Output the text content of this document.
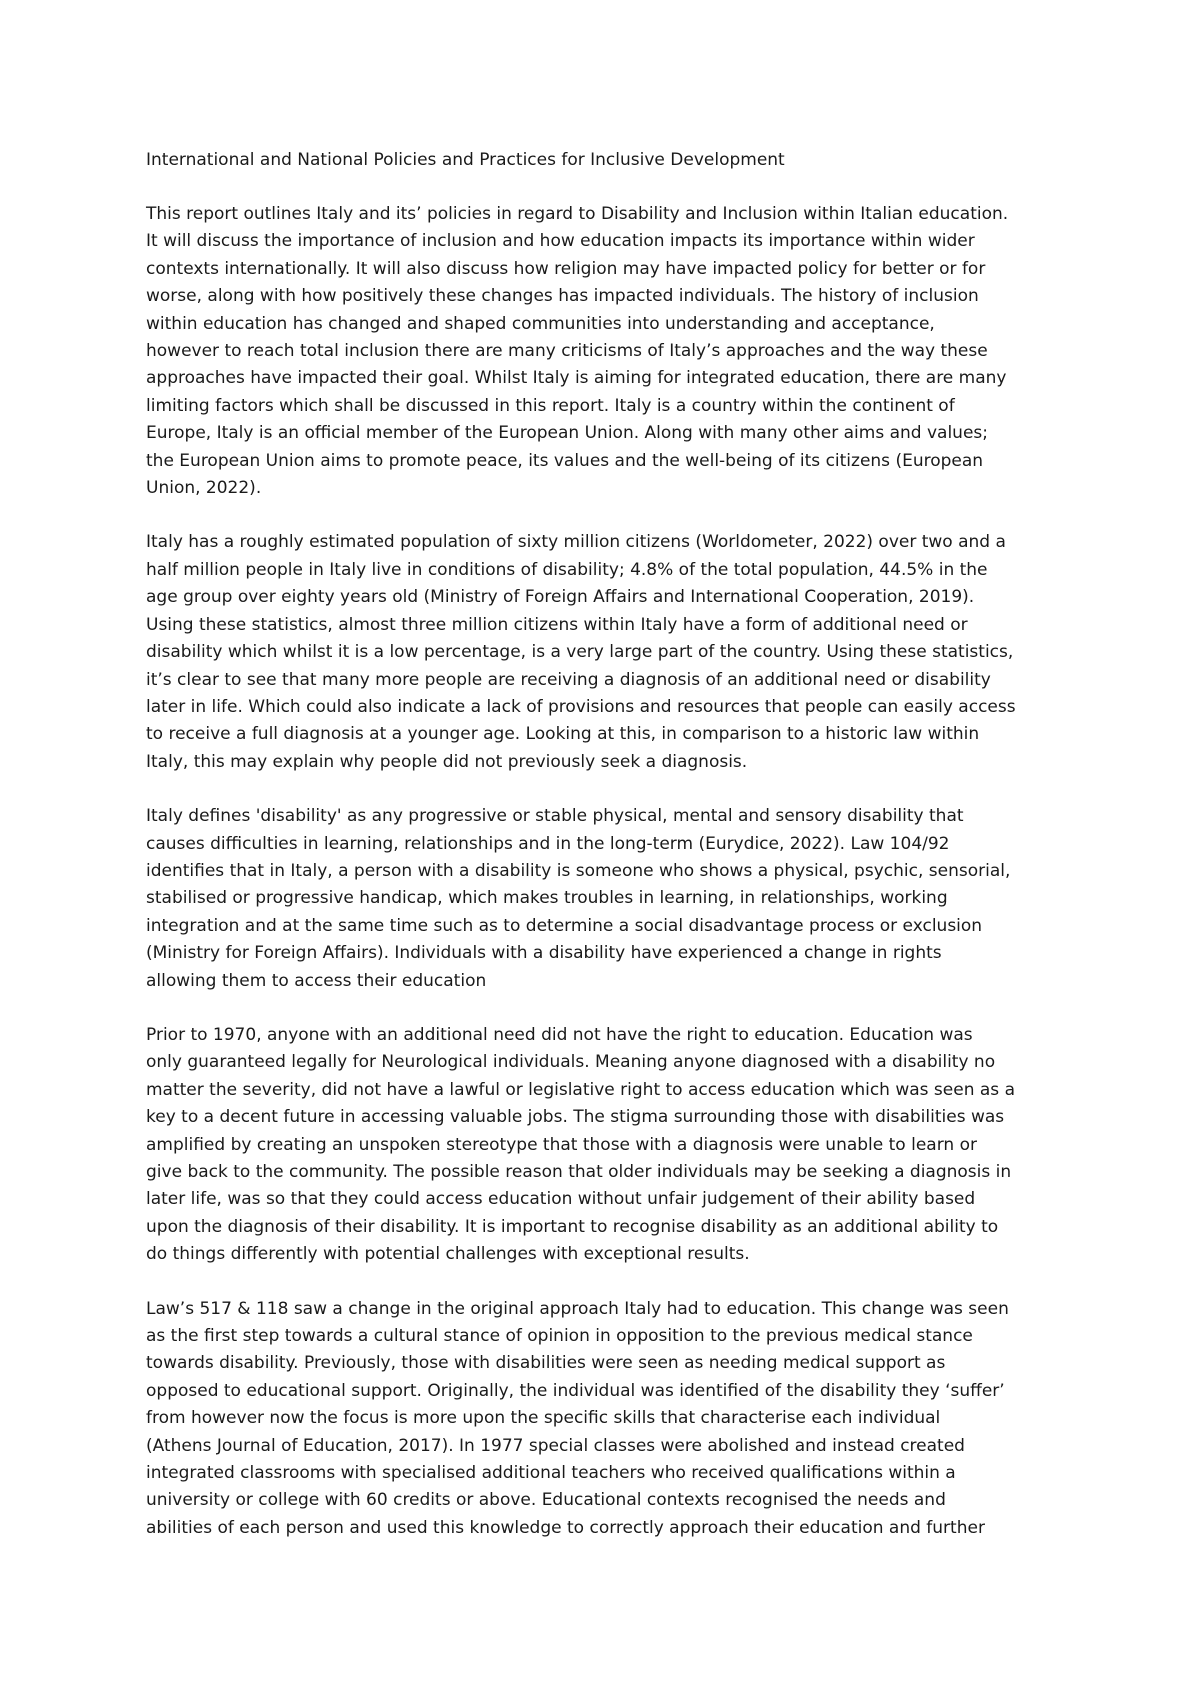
International and National Policies and Practices for Inclusive Development
This report outlines Italy and its’ policies in regard to Disability and Inclusion within Italian education.
It will discuss the importance of inclusion and how education impacts its importance within wider
contexts internationally. It will also discuss how religion may have impacted policy for better or for
worse, along with how positively these changes has impacted individuals. The history of inclusion
within education has changed and shaped communities into understanding and acceptance,
however to reach total inclusion there are many criticisms of Italy’s approaches and the way these
approaches have impacted their goal. Whilst Italy is aiming for integrated education, there are many
limiting factors which shall be discussed in this report. Italy is a country within the continent of
Europe, Italy is an official member of the European Union. Along with many other aims and values;
the European Union aims to promote peace, its values and the well-being of its citizens (European
Union, 2022).
Italy has a roughly estimated population of sixty million citizens (Worldometer, 2022) over two and a
half million people in Italy live in conditions of disability; 4.8% of the total population, 44.5% in the
age group over eighty years old (Ministry of Foreign Affairs and International Cooperation, 2019).
Using these statistics, almost three million citizens within Italy have a form of additional need or
disability which whilst it is a low percentage, is a very large part of the country. Using these statistics,
it’s clear to see that many more people are receiving a diagnosis of an additional need or disability
later in life. Which could also indicate a lack of provisions and resources that people can easily access
to receive a full diagnosis at a younger age. Looking at this, in comparison to a historic law within
Italy, this may explain why people did not previously seek a diagnosis.
Italy defines 'disability' as any progressive or stable physical, mental and sensory disability that
causes difficulties in learning, relationships and in the long-term (Eurydice, 2022). Law 104/92
identifies that in Italy, a person with a disability is someone who shows a physical, psychic, sensorial,
stabilised or progressive handicap, which makes troubles in learning, in relationships, working
integration and at the same time such as to determine a social disadvantage process or exclusion
(Ministry for Foreign Affairs). Individuals with a disability have experienced a change in rights
allowing them to access their education
Prior to 1970, anyone with an additional need did not have the right to education. Education was
only guaranteed legally for Neurological individuals. Meaning anyone diagnosed with a disability no
matter the severity, did not have a lawful or legislative right to access education which was seen as a
key to a decent future in accessing valuable jobs. The stigma surrounding those with disabilities was
amplified by creating an unspoken stereotype that those with a diagnosis were unable to learn or
give back to the community. The possible reason that older individuals may be seeking a diagnosis in
later life, was so that they could access education without unfair judgement of their ability based
upon the diagnosis of their disability. It is important to recognise disability as an additional ability to
do things differently with potential challenges with exceptional results.
Law’s 517 & 118 saw a change in the original approach Italy had to education. This change was seen
as the first step towards a cultural stance of opinion in opposition to the previous medical stance
towards disability. Previously, those with disabilities were seen as needing medical support as
opposed to educational support. Originally, the individual was identified of the disability they ‘suffer’
from however now the focus is more upon the specific skills that characterise each individual
(Athens Journal of Education, 2017). In 1977 special classes were abolished and instead created
integrated classrooms with specialised additional teachers who received qualifications within a
university or college with 60 credits or above. Educational contexts recognised the needs and
abilities of each person and used this knowledge to correctly approach their education and further
